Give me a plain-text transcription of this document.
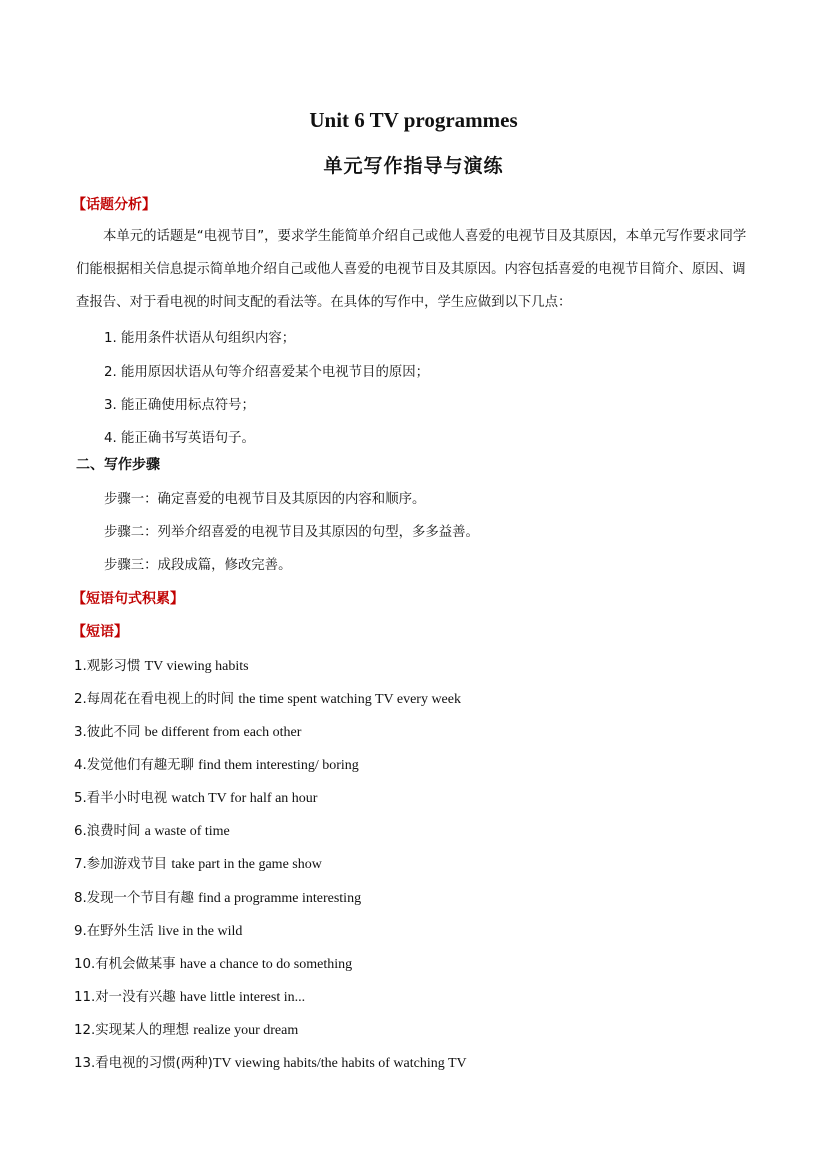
Unit 6 TV programmes
单元写作指导与演练
【话题分析】
本单元的话题是“电视节目”，要求学生能简单介绍自己或他人喜爱的电视节目及其原因，本单元写作要求同学们能根据相关信息提示简单地介绍自己或他人喜爱的电视节目及其原因。内容包括喜爱的电视节目简介、原因、调查报告、对于看电视的时间支配的看法等。在具体的写作中，学生应做到以下几点：
1. 能用条件状语从句组织内容；
2. 能用原因状语从句等介绍喜爱某个电视节目的原因；
3. 能正确使用标点符号；
4. 能正确书写英语句子。
二、写作步骤
步骤一：确定喜爱的电视节目及其原因的内容和顺序。
步骤二：列举介绍喜爱的电视节目及其原因的句型，多多益善。
步骤三：成段成篇，修改完善。
【短语句式积累】
【短语】
1.观影习惯 TV viewing habits
2.每周花在看电视上的时间 the time spent watching TV every week
3.彼此不同 be different from each other
4.发觉他们有趣无聊 find them interesting/ boring
5.看半小时电视 watch TV for half an hour
6.浪费时间 a waste of time
7.参加游戏节目 take part in the game show
8.发现一个节目有趣 find a programme interesting
9.在野外生活 live in the wild
10.有机会做某事 have a chance to do something
11.对一没有兴趣 have little interest in...
12.实现某人的理想 realize your dream
13.看电视的习惯(两种)TV viewing habits/the habits of watching TV
